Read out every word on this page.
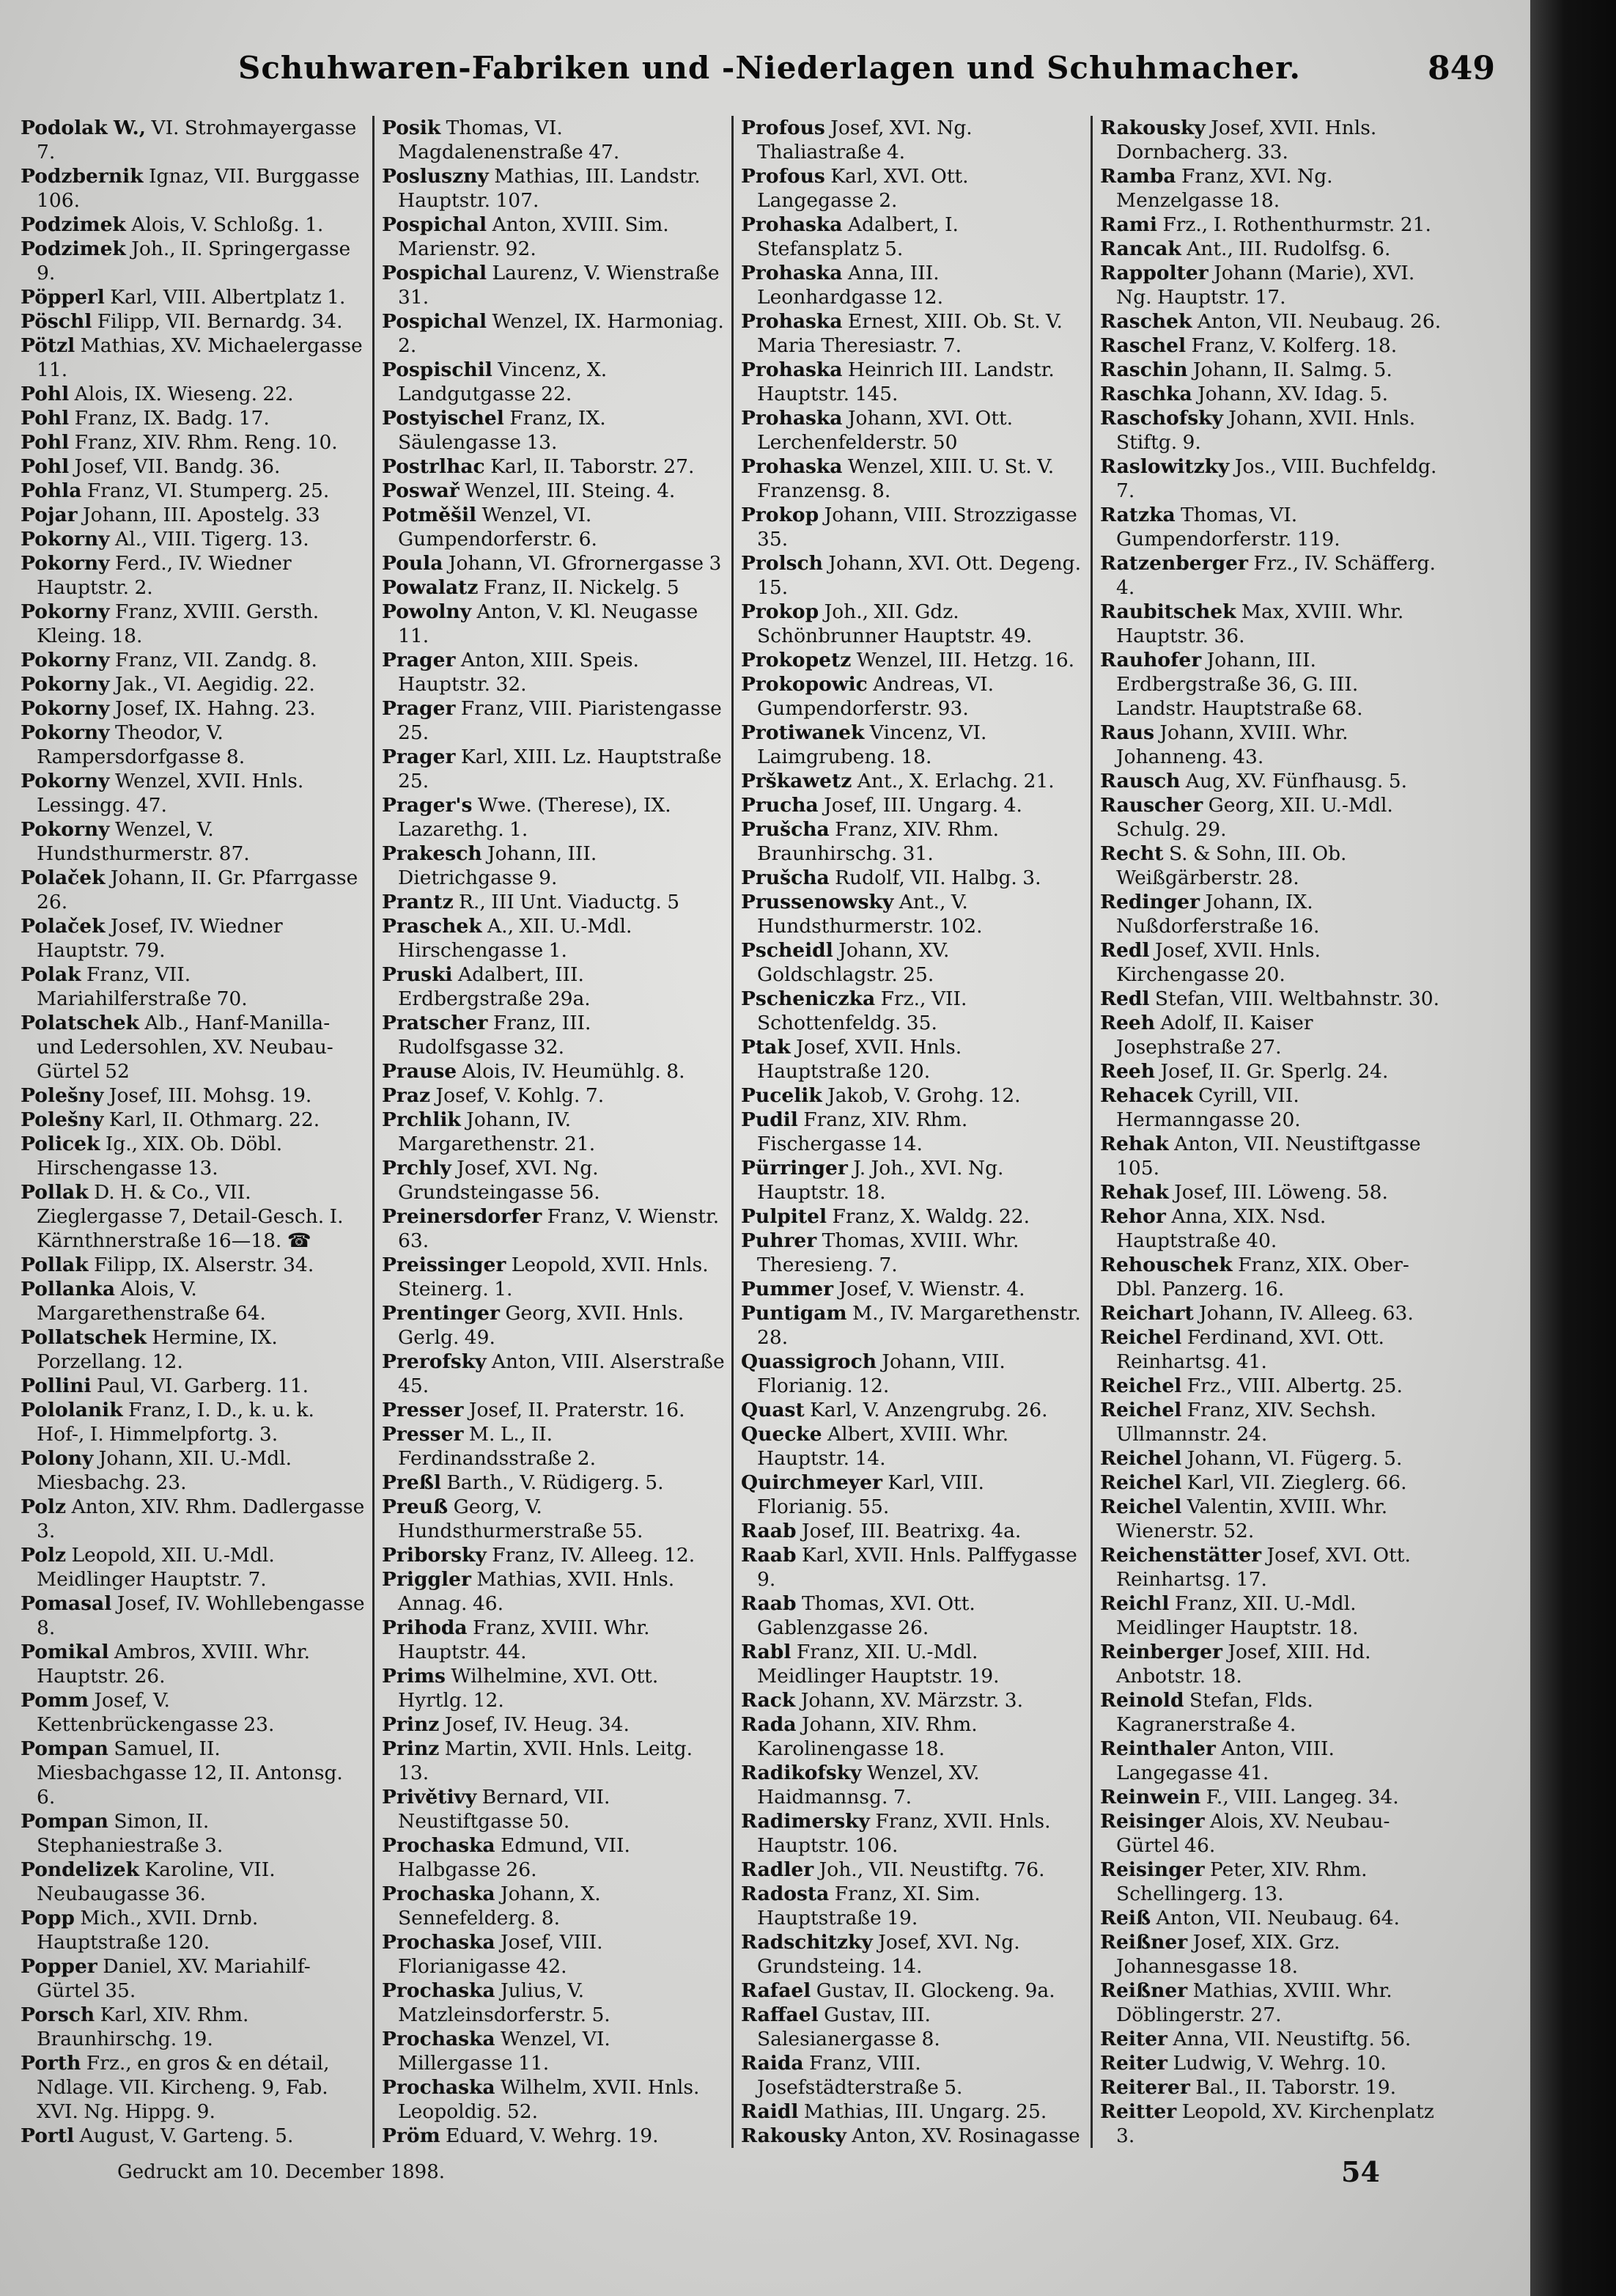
Schuhwaren-Fabriken und -Niederlagen und Schuhmacher.	849
Podolak W., VI. Strohmayergasse 7.
Podzbernik Ignaz, VII. Burggasse 106.
Podzimek Alois, V. Schloßg. 1.
Podzimek Joh., II. Springergasse 9.
Pöpperl Karl, VIII. Albertplatz 1.
Pöschl Filipp, VII. Bernardg. 34.
Pötzl Mathias, XV. Michaelergasse 11.
Pohl Alois, IX. Wieseng. 22.
Pohl Franz, IX. Badg. 17.
Pohl Franz, XIV. Rhm. Reng. 10.
Pohl Josef, VII. Bandg. 36.
Pohla Franz, VI. Stumperg. 25.
Pojar Johann, III. Apostelg. 33
Pokorny Al., VIII. Tigerg. 13.
Pokorny Ferd., IV. Wiedner Hauptstr. 2.
Pokorny Franz, XVIII. Gersth. Kleing. 18.
Pokorny Franz, VII. Zandg. 8.
Pokorny Jak., VI. Aegidig. 22.
Pokorny Josef, IX. Hahng. 23.
Pokorny Theodor, V. Rampersdorfgasse 8.
Pokorny Wenzel, XVII. Hnls. Lessingg. 47.
Pokorny Wenzel, V. Hundsthurmerstr. 87.
Polaček Johann, II. Gr. Pfarrgasse 26.
Polaček Josef, IV. Wiedner Hauptstr. 79.
Polak Franz, VII. Mariahilferstraße 70.
Polatschek Alb., Hanf-Manilla- und Ledersohlen, XV. Neubau-Gürtel 52
Polešny Josef, III. Mohsg. 19.
Polešny Karl, II. Othmarg. 22.
Policek Ig., XIX. Ob. Döbl. Hirschengasse 13.
Pollak D. H. & Co., VII. Zieglergasse 7, Detail-Gesch. I. Kärnthnerstraße 16—18. ☎
Pollak Filipp, IX. Alserstr. 34.
Pollanka Alois, V. Margarethenstraße 64.
Pollatschek Hermine, IX. Porzellang. 12.
Pollini Paul, VI. Garberg. 11.
Pololanik Franz, I. D., k. u. k. Hof-, I. Himmelpfortg. 3.
Polony Johann, XII. U.-Mdl. Miesbachg. 23.
Polz Anton, XIV. Rhm. Dadlergasse 3.
Polz Leopold, XII. U.-Mdl. Meidlinger Hauptstr. 7.
Pomasal Josef, IV. Wohllebengasse 8.
Pomikal Ambros, XVIII. Whr. Hauptstr. 26.
Pomm Josef, V. Kettenbrückengasse 23.
Pompan Samuel, II. Miesbachgasse 12, II. Antonsg. 6.
Pompan Simon, II. Stephaniestraße 3.
Pondelizek Karoline, VII. Neubaugasse 36.
Popp Mich., XVII. Drnb. Hauptstraße 120.
Popper Daniel, XV. Mariahilf-Gürtel 35.
Porsch Karl, XIV. Rhm. Braunhirschg. 19.
Porth Frz., en gros & en détail, Ndlage. VII. Kircheng. 9, Fab. XVI. Ng. Hippg. 9.
Portl August, V. Garteng. 5.
Posik Thomas, VI. Magdalenenstraße 47.
Posluszny Mathias, III. Landstr. Hauptstr. 107.
Pospichal Anton, XVIII. Sim. Marienstr. 92.
Pospichal Laurenz, V. Wienstraße 31.
Pospichal Wenzel, IX. Harmoniag. 2.
Pospischil Vincenz, X. Landgutgasse 22.
Postyischel Franz, IX. Säulengasse 13.
Postrlhac Karl, II. Taborstr. 27.
Poswař Wenzel, III. Steing. 4.
Potměšil Wenzel, VI. Gumpendorferstr. 6.
Poula Johann, VI. Gfrornergasse 3
Powalatz Franz, II. Nickelg. 5
Powolny Anton, V. Kl. Neugasse 11.
Prager Anton, XIII. Speis. Hauptstr. 32.
Prager Franz, VIII. Piaristengasse 25.
Prager Karl, XIII. Lz. Hauptstraße 25.
Prager's Wwe. (Therese), IX. Lazarethg. 1.
Prakesch Johann, III. Dietrichgasse 9.
Prantz R., III Unt. Viaductg. 5
Praschek A., XII. U.-Mdl. Hirschengasse 1.
Pruski Adalbert, III. Erdbergstraße 29a.
Pratscher Franz, III. Rudolfsgasse 32.
Prause Alois, IV. Heumühlg. 8.
Praz Josef, V. Kohlg. 7.
Prchlik Johann, IV. Margarethenstr. 21.
Prchly Josef, XVI. Ng. Grundsteingasse 56.
Preinersdorfer Franz, V. Wienstr. 63.
Preissinger Leopold, XVII. Hnls. Steinerg. 1.
Prentinger Georg, XVII. Hnls. Gerlg. 49.
Prerofsky Anton, VIII. Alserstraße 45.
Presser Josef, II. Praterstr. 16.
Presser M. L., II. Ferdinandsstraße 2.
Preßl Barth., V. Rüdigerg. 5.
Preuß Georg, V. Hundsthurmerstraße 55.
Priborsky Franz, IV. Alleeg. 12.
Priggler Mathias, XVII. Hnls. Annag. 46.
Prihoda Franz, XVIII. Whr. Hauptstr. 44.
Prims Wilhelmine, XVI. Ott. Hyrtlg. 12.
Prinz Josef, IV. Heug. 34.
Prinz Martin, XVII. Hnls. Leitg. 13.
Privětivy Bernard, VII. Neustiftgasse 50.
Prochaska Edmund, VII. Halbgasse 26.
Prochaska Johann, X. Sennefelderg. 8.
Prochaska Josef, VIII. Florianigasse 42.
Prochaska Julius, V. Matzleinsdorferstr. 5.
Prochaska Wenzel, VI. Millergasse 11.
Prochaska Wilhelm, XVII. Hnls. Leopoldig. 52.
Pröm Eduard, V. Wehrg. 19.
Profous Josef, XVI. Ng. Thaliastraße 4.
Profous Karl, XVI. Ott. Langegasse 2.
Prohaska Adalbert, I. Stefansplatz 5.
Prohaska Anna, III. Leonhardgasse 12.
Prohaska Ernest, XIII. Ob. St. V. Maria Theresiastr. 7.
Prohaska Heinrich III. Landstr. Hauptstr. 145.
Prohaska Johann, XVI. Ott. Lerchenfelderstr. 50
Prohaska Wenzel, XIII. U. St. V. Franzensg. 8.
Prokop Johann, VIII. Strozzigasse 35.
Prolsch Johann, XVI. Ott. Degeng. 15.
Prokop Joh., XII. Gdz. Schönbrunner Hauptstr. 49.
Prokopetz Wenzel, III. Hetzg. 16.
Prokopowic Andreas, VI. Gumpendorferstr. 93.
Protiwanek Vincenz, VI. Laimgrubeng. 18.
Prškawetz Ant., X. Erlachg. 21.
Prucha Josef, III. Ungarg. 4.
Prušcha Franz, XIV. Rhm. Braunhirschg. 31.
Prušcha Rudolf, VII. Halbg. 3.
Prussenowsky Ant., V. Hundsthurmerstr. 102.
Pscheidl Johann, XV. Goldschlagstr. 25.
Pscheniczka Frz., VII. Schottenfeldg. 35.
Ptak Josef, XVII. Hnls. Hauptstraße 120.
Pucelik Jakob, V. Grohg. 12.
Pudil Franz, XIV. Rhm. Fischergasse 14.
Pürringer J. Joh., XVI. Ng. Hauptstr. 18.
Pulpitel Franz, X. Waldg. 22.
Puhrer Thomas, XVIII. Whr. Theresieng. 7.
Pummer Josef, V. Wienstr. 4.
Puntigam M., IV. Margarethenstr. 28.
Quassigroch Johann, VIII. Florianig. 12.
Quast Karl, V. Anzengrubg. 26.
Quecke Albert, XVIII. Whr. Hauptstr. 14.
Quirchmeyer Karl, VIII. Florianig. 55.
Raab Josef, III. Beatrixg. 4a.
Raab Karl, XVII. Hnls. Palffygasse 9.
Raab Thomas, XVI. Ott. Gablenzgasse 26.
Rabl Franz, XII. U.-Mdl. Meidlinger Hauptstr. 19.
Rack Johann, XV. Märzstr. 3.
Rada Johann, XIV. Rhm. Karolinengasse 18.
Radikofsky Wenzel, XV. Haidmannsg. 7.
Radimersky Franz, XVII. Hnls. Hauptstr. 106.
Radler Joh., VII. Neustiftg. 76.
Radosta Franz, XI. Sim. Hauptstraße 19.
Radschitzky Josef, XVI. Ng. Grundsteing. 14.
Rafael Gustav, II. Glockeng. 9a.
Raffael Gustav, III. Salesianergasse 8.
Raida Franz, VIII. Josefstädterstraße 5.
Raidl Mathias, III. Ungarg. 25.
Rakousky Anton, XV. Rosinagasse
Rakousky Josef, XVII. Hnls. Dornbacherg. 33.
Ramba Franz, XVI. Ng. Menzelgasse 18.
Rami Frz., I. Rothenthurmstr. 21.
Rancak Ant., III. Rudolfsg. 6.
Rappolter Johann (Marie), XVI. Ng. Hauptstr. 17.
Raschek Anton, VII. Neubaug. 26.
Raschel Franz, V. Kolferg. 18.
Raschin Johann, II. Salmg. 5.
Raschka Johann, XV. Idag. 5.
Raschofsky Johann, XVII. Hnls. Stiftg. 9.
Raslowitzky Jos., VIII. Buchfeldg. 7.
Ratzka Thomas, VI. Gumpendorferstr. 119.
Ratzenberger Frz., IV. Schäfferg. 4.
Raubitschek Max, XVIII. Whr. Hauptstr. 36.
Rauhofer Johann, III. Erdbergstraße 36, G. III. Landstr. Hauptstraße 68.
Raus Johann, XVIII. Whr. Johanneng. 43.
Rausch Aug, XV. Fünfhausg. 5.
Rauscher Georg, XII. U.-Mdl. Schulg. 29.
Recht S. & Sohn, III. Ob. Weißgärberstr. 28.
Redinger Johann, IX. Nußdorferstraße 16.
Redl Josef, XVII. Hnls. Kirchengasse 20.
Redl Stefan, VIII. Weltbahnstr. 30.
Reeh Adolf, II. Kaiser Josephstraße 27.
Reeh Josef, II. Gr. Sperlg. 24.
Rehacek Cyrill, VII. Hermanngasse 20.
Rehak Anton, VII. Neustiftgasse 105.
Rehak Josef, III. Löweng. 58.
Rehor Anna, XIX. Nsd. Hauptstraße 40.
Rehouschek Franz, XIX. Ober-Dbl. Panzerg. 16.
Reichart Johann, IV. Alleeg. 63.
Reichel Ferdinand, XVI. Ott. Reinhartsg. 41.
Reichel Frz., VIII. Albertg. 25.
Reichel Franz, XIV. Sechsh. Ullmannstr. 24.
Reichel Johann, VI. Fügerg. 5.
Reichel Karl, VII. Zieglerg. 66.
Reichel Valentin, XVIII. Whr. Wienerstr. 52.
Reichenstätter Josef, XVI. Ott. Reinhartsg. 17.
Reichl Franz, XII. U.-Mdl. Meidlinger Hauptstr. 18.
Reinberger Josef, XIII. Hd. Anbotstr. 18.
Reinold Stefan, Flds. Kagranerstraße 4.
Reinthaler Anton, VIII. Langegasse 41.
Reinwein F., VIII. Langeg. 34.
Reisinger Alois, XV. Neubau-Gürtel 46.
Reisinger Peter, XIV. Rhm. Schellingerg. 13.
Reiß Anton, VII. Neubaug. 64.
Reißner Josef, XIX. Grz. Johannesgasse 18.
Reißner Mathias, XVIII. Whr. Döblingerstr. 27.
Reiter Anna, VII. Neustiftg. 56.
Reiter Ludwig, V. Wehrg. 10.
Reiterer Bal., II. Taborstr. 19.
Reitter Leopold, XV. Kirchenplatz 3.
Gedruckt am 10. December 1898.	54
